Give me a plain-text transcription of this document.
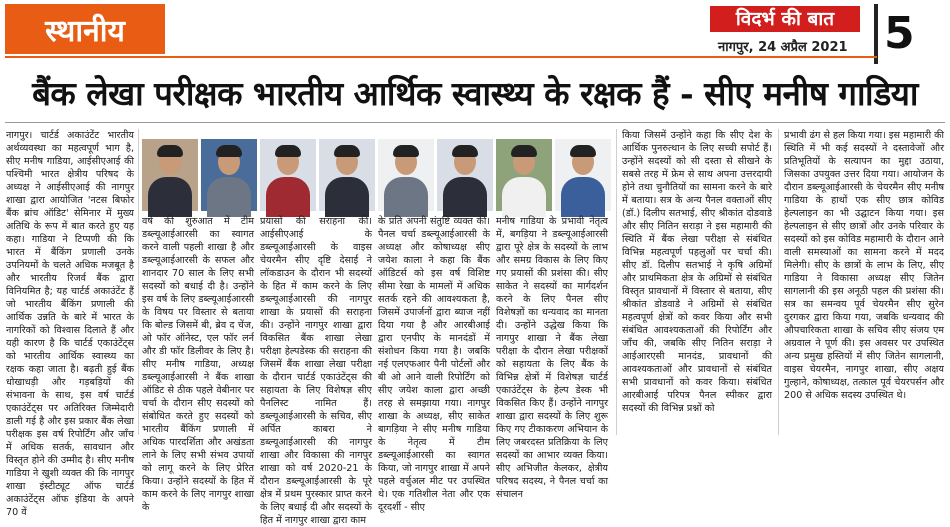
स्थानीय	विदर्भ की बात
नागपुर, 24 अप्रैल 2021 5
बैंक लेखा परीक्षक भारतीय आर्थिक स्वास्थ्य के रक्षक हैं - सीए मनीष गाडिया

नागपुर। चार्टर्ड अकाउंटेंट भारतीय अर्थव्यवस्था का महत्वपूर्ण भाग है, सीए मनीष गाडिया, आईसीएआई की पश्चिमी भारत क्षेत्रीय परिषद के अध्यक्ष ने आईसीएआई की नागपुर शाखा द्वारा आयोजित 'नटस बिफोर बैंक ब्रांच ऑडिट' सेमिनार में मुख्य अतिथि के रूप में बात करते हुए यह कहा। गाडिया ने टिप्पणी की कि भारत में बैंकिंग प्रणाली उनके उपनियमों के चलते अधिक मजबूत है और भारतीय रिजर्व बैंक द्वारा विनियमित है; यह चार्टर्ड अकाउंटेंट हैं जो भारतीय बैंकिंग प्रणाली की आर्थिक उन्नति के बारे में भारत के नागरिकों को विश्वास दिलाते हैं और यही कारण है कि चार्टर्ड एकाउंटेंट्स को भारतीय आर्थिक स्वास्थ्य का रक्षक कहा जाता है। बढ़ती हुई बैंक धोखाधड़ी और गड़बड़ियों की संभावना के साथ, इस वर्ष चार्टर्ड एकाउंटेंट्स पर अतिरिक्त जिम्मेदारी डाली गई है और इस प्रकार बैंक लेखा परीक्षक इस वर्ष रिपोर्टिंग और जाँच में अधिक सतर्क, सावधान और विस्तृत होने की उम्मीद है। सीए मनीष गाडिया ने खुशी व्यक्त की कि नागपुर शाखा इंस्टीट्यूट ऑफ चार्टर्ड अकाउंटेंट्स ऑफ इंडिया के अपने 70 वें

वर्ष की शुरुआत में टीम डब्ल्यूआईआरसी का स्वागत करने वाली पहली शाखा है और डब्ल्यूआईआरसी के सफल और शानदार 70 साल के लिए सभी सदस्यों को बधाई दी है। उन्होंने इस वर्ष के लिए डब्ल्यूआईआरसी के विषय पर विस्तार से बताया कि बोल्ड जिसमें बी, ब्रेव द चेंज, ओ फॉर ऑनेस्ट, एल फॉर लर्न और डी फॉर डिलीवर के लिए है। सीए मनीष गाडिया, अध्यक्ष डब्ल्यूआईआरसी ने बैंक शाखा ऑडिट से ठीक पहले वेबीनार पर चर्चा के दौरान सीए सदस्यों को संबोधित करते हुए सदस्यों को भारतीय बैंकिंग प्रणाली में अधिक पारदर्शिता और अखंडता लाने के लिए सभी संभव उपायों को लागू करने के लिए प्रेरित किया। उन्होंने सदस्यों के हित में काम करने के लिए नागपुर शाखा के

प्रयासों की सराहना की। आईसीएआई के डब्ल्यूआईआरसी के वाइस चेयरमैन सीए दृष्टि देसाई ने लॉकडाउन के दौरान भी सदस्यों के हित में काम करने के लिए डब्ल्यूआईआरसी की नागपुर शाखा के प्रयासों की सराहना की। उन्होंने नागपुर शाखा द्वारा विकसित बैंक शाखा लेखा परीक्षा हेल्पडेस्क की सराहना की जिसमें बैंक शाखा लेखा परीक्षा के दौरान चार्टर्ड एकाउंटेंट्स की सहायता के लिए विशेषज्ञ सीए पैनलिस्ट नामित हैं। डब्ल्यूआईआरसी के सचिव, सीए अर्पित काबरा ने डब्ल्यूआईआरसी की नागपुर शाखा और विकासा की नागपुर शाखा को वर्ष 2020-21 के दौरान डब्ल्यूआईआरसी के पूरे क्षेत्र में प्रथम पुरस्कार प्राप्त करने के लिए बधाई दी और सदस्यों के हित में नागपुर शाखा द्वारा काम

के प्रति अपनी संतुष्टि व्यक्त की। पैनल चर्चा डब्ल्यूआईआरसी के अध्यक्ष और कोषाध्यक्ष सीए जयेश काला ने कहा कि बैंक ऑडिटर्स को इस वर्ष विशिष्ट सीमा रेखा के मामलों में अधिक सतर्क रहने की आवश्यकता है, जिसमें उपार्जनों द्वारा ब्याज नहीं दिया गया है और आरबीआई द्वारा एनपीए के मानदंडों में संशोधन किया गया है। जबकि नई एलएफआर पैनी पोर्टलों और बी ओ आने वाली रिपोर्टिंग को सीए जयेश काला द्वारा अच्छी तरह से समझाया गया। नागपुर शाखा के अध्यक्ष, सीए साकेत बागड़िया ने सीए मनीष गाडिया के नेतृत्व में टीम डब्ल्यूआईआरसी का स्वागत किया, जो नागपुर शाखा में अपने पहले वर्चुअल मीट पर उपस्थित थे। एक गतिशील नेता और एक दूरदर्शी - सीए

मनीष गाडिया के प्रभावी नेतृत्व में, बगड़िया ने डब्ल्यूआईआरसी द्वारा पूरे क्षेत्र के सदस्यों के लाभ और समग्र विकास के लिए किए गए प्रयासों की प्रशंसा की। सीए साकेत ने सदस्यों का मार्गदर्शन करने के लिए पैनल सीए विशेषज्ञों का धन्यवाद का मानता दी। उन्होंने उद्धेख किया कि नागपुर शाखा ने बैंक लेखा परीक्षा के दौरान लेखा परीक्षकों को सहायता के लिए बैंक के विभिन्न क्षेत्रों में विशेषज्ञ चार्टर्ड एकाउंटेंट्स के हेल्प डेस्क भी विकसित किए हैं। उन्होंने नागपुर शाखा द्वारा सदस्यों के लिए शुरू किए गए टीकाकरण अभियान के लिए जबरदस्त प्रतिक्रिया के लिए सदस्यों का आभार व्यक्त किया। सीए अभिजीत केलकर, क्षेत्रीय परिषद सदस्य, ने पैनल चर्चा का संचालन

किया जिसमें उन्होंने कहा कि सीए देश के आर्थिक पुनरुत्थान के लिए सच्ची सपोर्ट हैं। उन्होंने सदस्यों को सी दस्ता से सीखने के सबसे तरह में फ्रेम से साथ अपना उत्तरदायी होने तथा चुनौतियों का सामना करने के बारे में बताया। सत्र के अन्य पैनल वक्ताओं सीए (डॉ.) दिलीप सतभाई, सीए श्रीकांत दोडवाडे और सीए नितिन सराड़ा ने इस महामारी की स्थिति में बैंक लेखा परीक्षा से संबंधित विभिन्न महत्वपूर्ण पहलुओं पर चर्चा की। सीए डॉ. दिलीप सतभाई ने कृषि अग्रिमों और प्राथमिकता क्षेत्र के अग्रिमों से संबंधित विस्तृत प्रावधानों में विस्तार से बताया, सीए श्रीकांत डोडवाडे ने अग्रिमों से संबंधित महत्वपूर्ण क्षेत्रों को कवर किया और सभी संबंधित आवश्यकताओं की रिपोर्टिंग और जाँच की, जबकि सीए नितिन सराड़ा ने आईआरएसी मानदंड, प्रावधानों की आवश्यकताओं और प्रावधानों से संबंधित सभी प्रावधानों को कवर किया। संबंधित आरबीआई परिपत्र पैनल स्पीकर द्वारा सदस्यों की विभिन्न प्रश्नों को

प्रभावी ढंग से हल किया गया। इस महामारी की स्थिति में भी कई सदस्यों ने दस्तावेजों और प्रतिभूतियों के सत्यापन का मुद्दा उठाया, जिसका उपयुक्त उत्तर दिया गया। आयोजन के दौरान डब्ल्यूआईआरसी के चेयरमैन सीए मनीष गाडिया के हाथों एक सीए छात्र कोविड हेल्पलाइन का भी उद्घाटन किया गया। इस हेल्पलाइन से सीए छात्रों और उनके परिवार के सदस्यों को इस कोविड महामारी के दौरान आने वाली समस्याओं का सामना करने में मदद मिलेगी। सीए के छात्रों के लाभ के लिए, सीए गाडिया ने विकासा अध्यक्ष सीए जितेन सागलानी की इस अनूठी पहल की प्रशंसा की। सत्र का समन्वय पूर्व चेयरमैन सीए सुरेन दुरगकर द्वारा किया गया, जबकि धन्यवाद की औपचारिकता शाखा के सचिव सीए संजय एम अग्रवाल ने पूर्ण की। इस अवसर पर उपस्थित अन्य प्रमुख हस्तियों में सीए जितेन सागलानी, वाइस चेयरमैन, नागपुर शाखा, सीए अक्षय गुल्हाने, कोषाध्यक्ष, तत्काल पूर्व चेयरपर्सन और 200 से अधिक सदस्य उपस्थित थे।
